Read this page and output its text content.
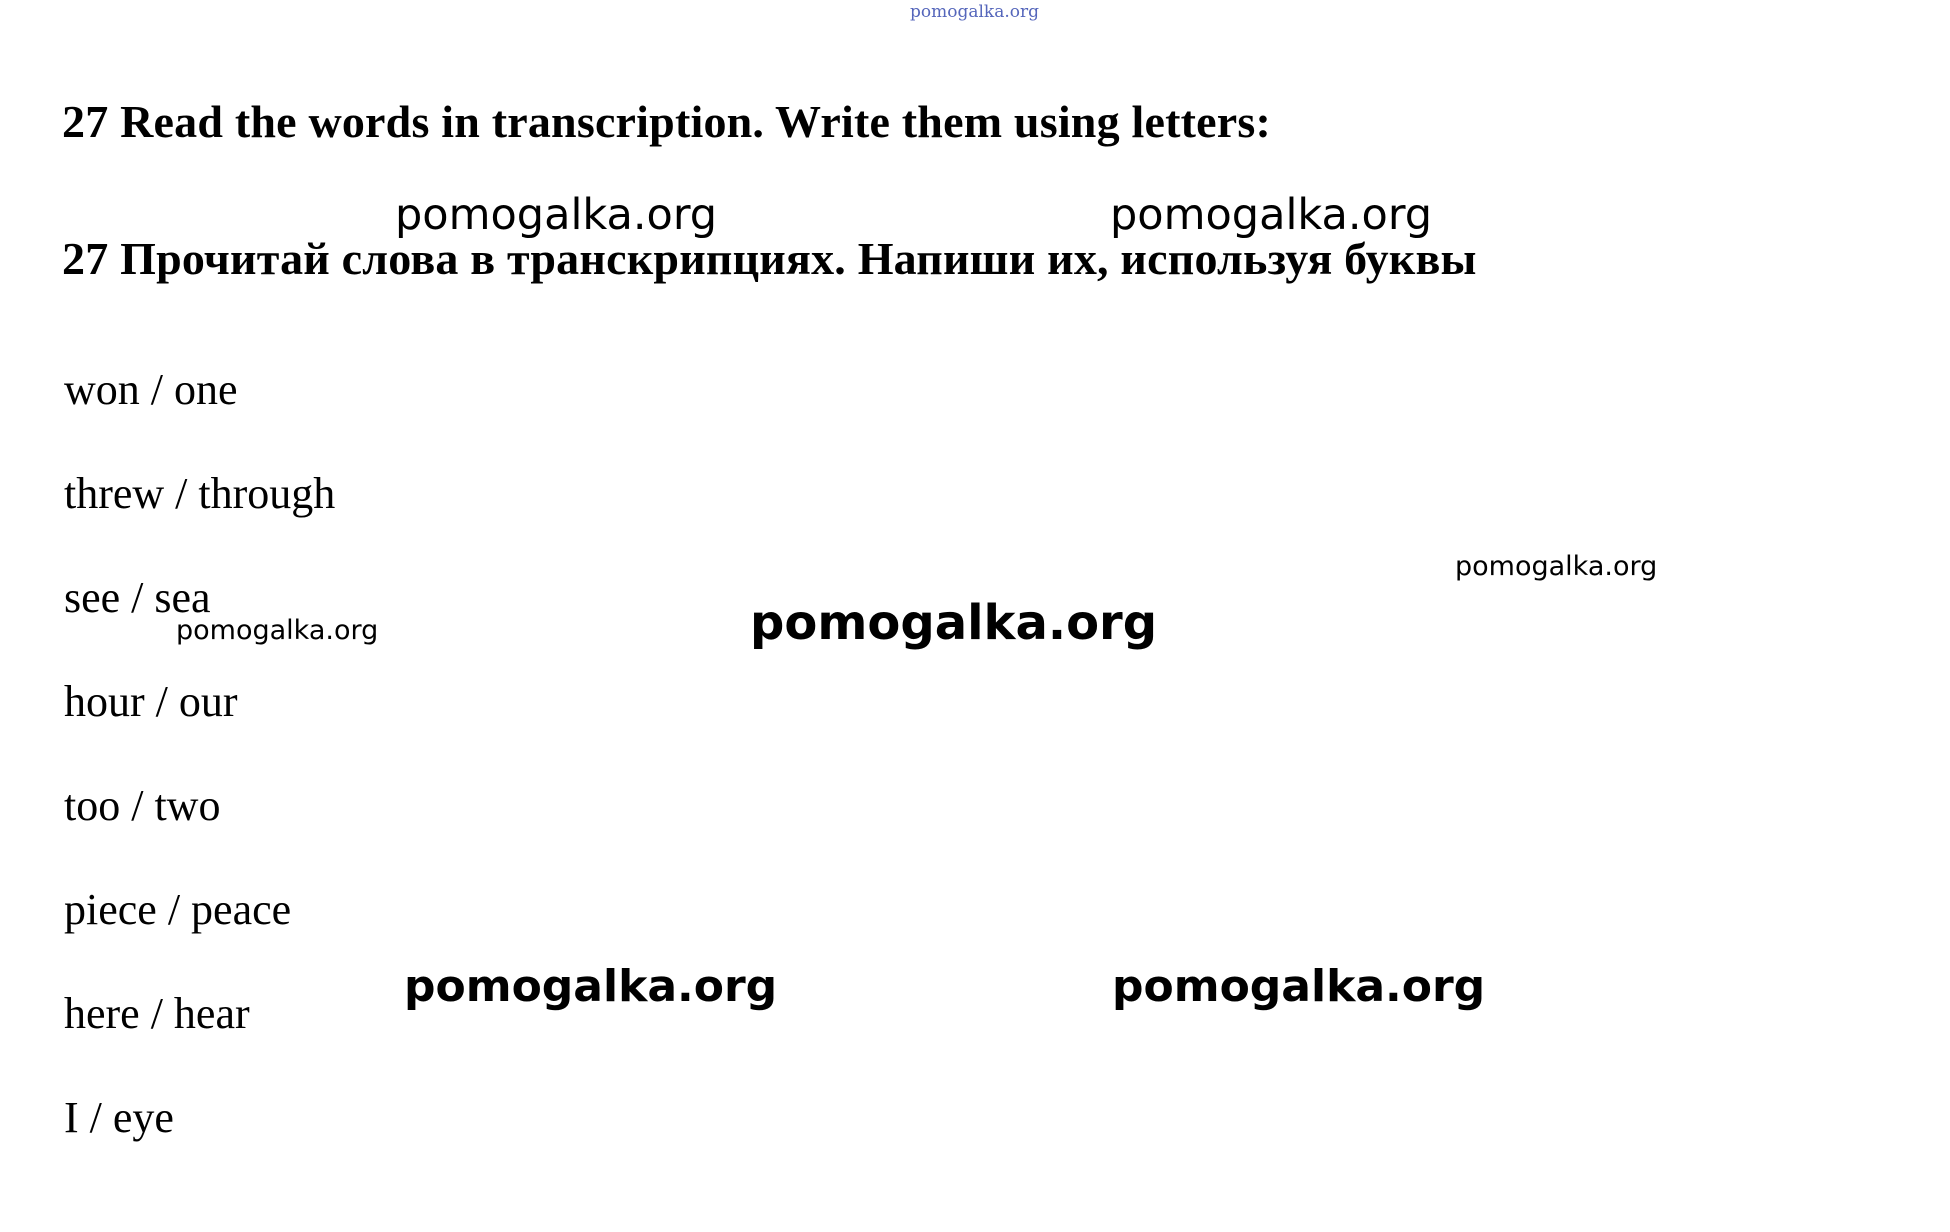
pomogalka.org
27 Read the words in transcription. Write them using letters:
pomogalka.org	pomogalka.org
27 Прочитай слова в транскрипциях. Напиши их, используя буквы
won / one
threw / through
see / sea
hour / our
too / two
piece / peace
here / hear
I / eye
pomogalka.org
pomogalka.org	pomogalka.org
pomogalka.org	pomogalka.org
